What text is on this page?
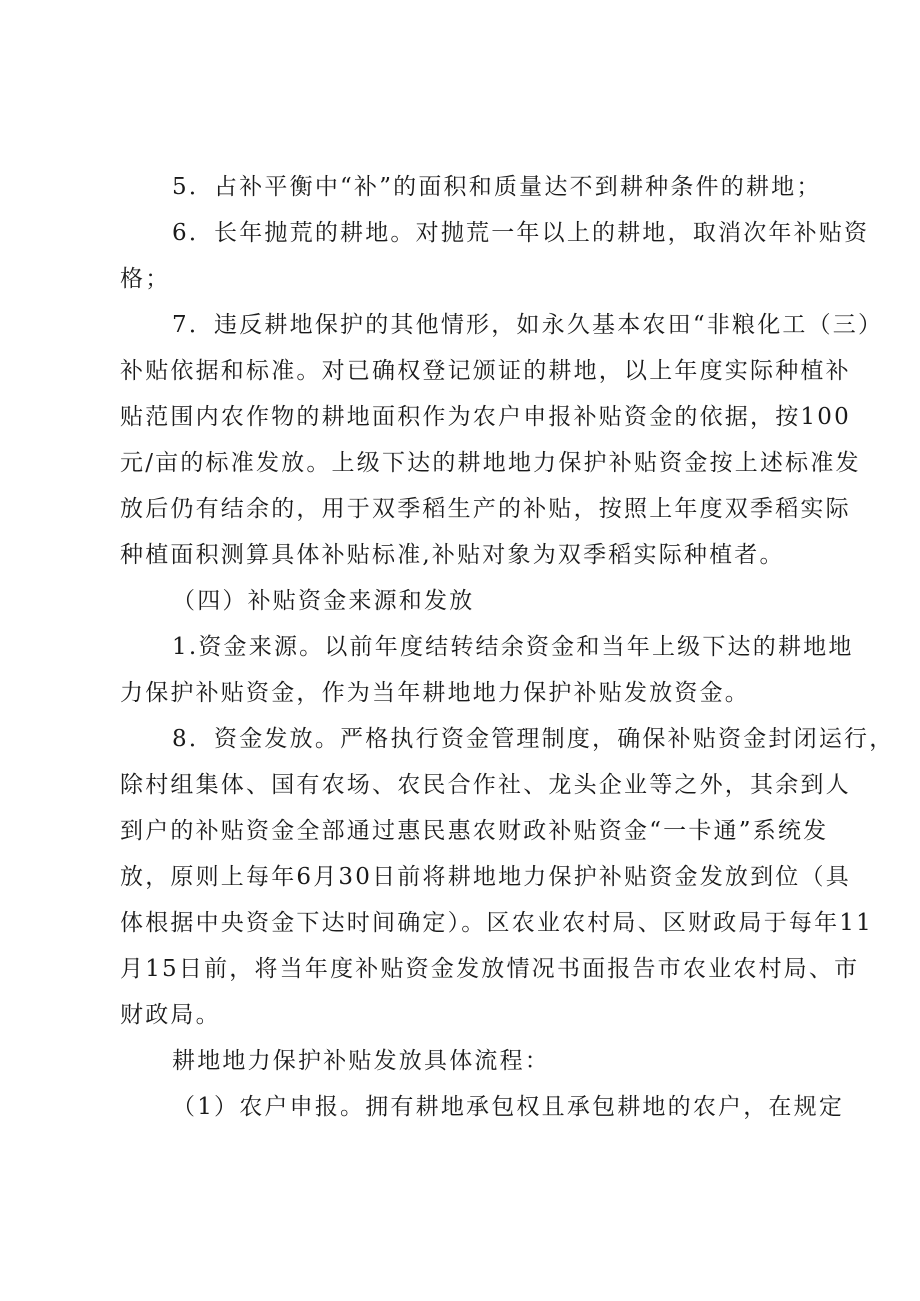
5．占补平衡中“补”的面积和质量达不到耕种条件的耕地；
6．长年抛荒的耕地。对抛荒一年以上的耕地，取消次年补贴资
格；
7．违反耕地保护的其他情形，如永久基本农田“非粮化工（三）
补贴依据和标准。对已确权登记颁证的耕地，以上年度实际种植补
贴范围内农作物的耕地面积作为农户申报补贴资金的依据，按100
元/亩的标准发放。上级下达的耕地地力保护补贴资金按上述标准发
放后仍有结余的，用于双季稻生产的补贴，按照上年度双季稻实际
种植面积测算具体补贴标准,补贴对象为双季稻实际种植者。
（四）补贴资金来源和发放
1.资金来源。以前年度结转结余资金和当年上级下达的耕地地
力保护补贴资金，作为当年耕地地力保护补贴发放资金。
8．资金发放。严格执行资金管理制度，确保补贴资金封闭运行，
除村组集体、国有农场、农民合作社、龙头企业等之外，其余到人
到户的补贴资金全部通过惠民惠农财政补贴资金“一卡通”系统发
放，原则上每年6月30日前将耕地地力保护补贴资金发放到位（具
体根据中央资金下达时间确定）。区农业农村局、区财政局于每年11
月15日前，将当年度补贴资金发放情况书面报告市农业农村局、市
财政局。
耕地地力保护补贴发放具体流程：
（1）农户申报。拥有耕地承包权且承包耕地的农户，在规定
